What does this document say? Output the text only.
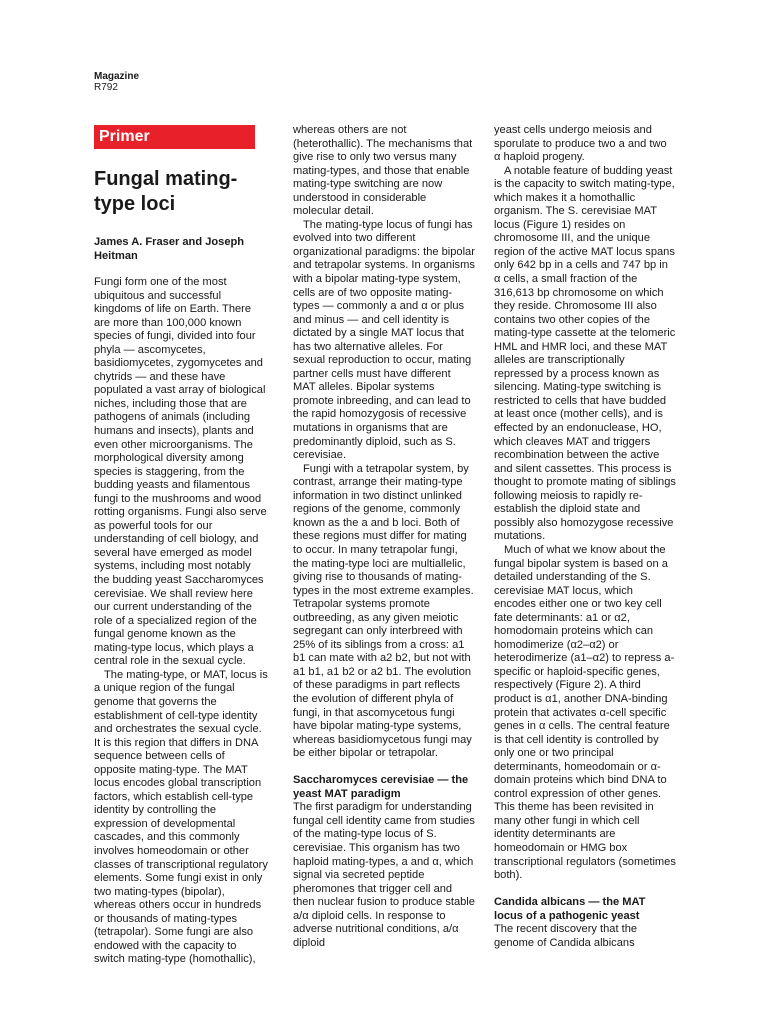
Magazine
R792
Primer
Fungal mating-type loci
James A. Fraser and Joseph Heitman

Fungi form one of the most ubiquitous and successful kingdoms of life on Earth. There are more than 100,000 known species of fungi, divided into four phyla — ascomycetes, basidiomycetes, zygomycetes and chytrids — and these have populated a vast array of biological niches, including those that are pathogens of animals (including humans and insects), plants and even other microorganisms. The morphological diversity among species is staggering, from the budding yeasts and filamentous fungi to the mushrooms and wood rotting organisms. Fungi also serve as powerful tools for our understanding of cell biology, and several have emerged as model systems, including most notably the budding yeast Saccharomyces cerevisiae. We shall review here our current understanding of the role of a specialized region of the fungal genome known as the mating-type locus, which plays a central role in the sexual cycle.

The mating-type, or MAT, locus is a unique region of the fungal genome that governs the establishment of cell-type identity and orchestrates the sexual cycle. It is this region that differs in DNA sequence between cells of opposite mating-type. The MAT locus encodes global transcription factors, which establish cell-type identity by controlling the expression of developmental cascades, and this commonly involves homeodomain or other classes of transcriptional regulatory elements. Some fungi exist in only two mating-types (bipolar), whereas others occur in hundreds or thousands of mating-types (tetrapolar). Some fungi are also endowed with the capacity to switch mating-type (homothallic),

whereas others are not (heterothallic). The mechanisms that give rise to only two versus many mating-types, and those that enable mating-type switching are now understood in considerable molecular detail.

The mating-type locus of fungi has evolved into two different organizational paradigms: the bipolar and tetrapolar systems. In organisms with a bipolar mating-type system, cells are of two opposite mating-types — commonly a and α or plus and minus — and cell identity is dictated by a single MAT locus that has two alternative alleles. For sexual reproduction to occur, mating partner cells must have different MAT alleles. Bipolar systems promote inbreeding, and can lead to the rapid homozygosis of recessive mutations in organisms that are predominantly diploid, such as S. cerevisiae.

Fungi with a tetrapolar system, by contrast, arrange their mating-type information in two distinct unlinked regions of the genome, commonly known as the a and b loci. Both of these regions must differ for mating to occur. In many tetrapolar fungi, the mating-type loci are multiallelic, giving rise to thousands of mating-types in the most extreme examples. Tetrapolar systems promote outbreeding, as any given meiotic segregant can only interbreed with 25% of its siblings from a cross: a1 b1 can mate with a2 b2, but not with a1 b1, a1 b2 or a2 b1. The evolution of these paradigms in part reflects the evolution of different phyla of fungi, in that ascomycetous fungi have bipolar mating-type systems, whereas basidiomycetous fungi may be either bipolar or tetrapolar.

Saccharomyces cerevisiae — the yeast MAT paradigm

The first paradigm for understanding fungal cell identity came from studies of the mating-type locus of S. cerevisiae. This organism has two haploid mating-types, a and α, which signal via secreted peptide pheromones that trigger cell and then nuclear fusion to produce stable a/α diploid cells. In response to adverse nutritional conditions, a/α diploid

yeast cells undergo meiosis and sporulate to produce two a and two α haploid progeny.

A notable feature of budding yeast is the capacity to switch mating-type, which makes it a homothallic organism. The S. cerevisiae MAT locus (Figure 1) resides on chromosome III, and the unique region of the active MAT locus spans only 642 bp in a cells and 747 bp in α cells, a small fraction of the 316,613 bp chromosome on which they reside. Chromosome III also contains two other copies of the mating-type cassette at the telomeric HML and HMR loci, and these MAT alleles are transcriptionally repressed by a process known as silencing. Mating-type switching is restricted to cells that have budded at least once (mother cells), and is effected by an endonuclease, HO, which cleaves MAT and triggers recombination between the active and silent cassettes. This process is thought to promote mating of siblings following meiosis to rapidly re-establish the diploid state and possibly also homozygose recessive mutations.

Much of what we know about the fungal bipolar system is based on a detailed understanding of the S. cerevisiae MAT locus, which encodes either one or two key cell fate determinants: a1 or α2, homodomain proteins which can homodimerize (α2–α2) or heterodimerize (a1–α2) to repress a-specific or haploid-specific genes, respectively (Figure 2). A third product is α1, another DNA-binding protein that activates α-cell specific genes in α cells. The central feature is that cell identity is controlled by only one or two principal determinants, homeodomain or α-domain proteins which bind DNA to control expression of other genes. This theme has been revisited in many other fungi in which cell identity determinants are homeodomain or HMG box transcriptional regulators (sometimes both).

Candida albicans — the MAT locus of a pathogenic yeast

The recent discovery that the genome of Candida albicans
